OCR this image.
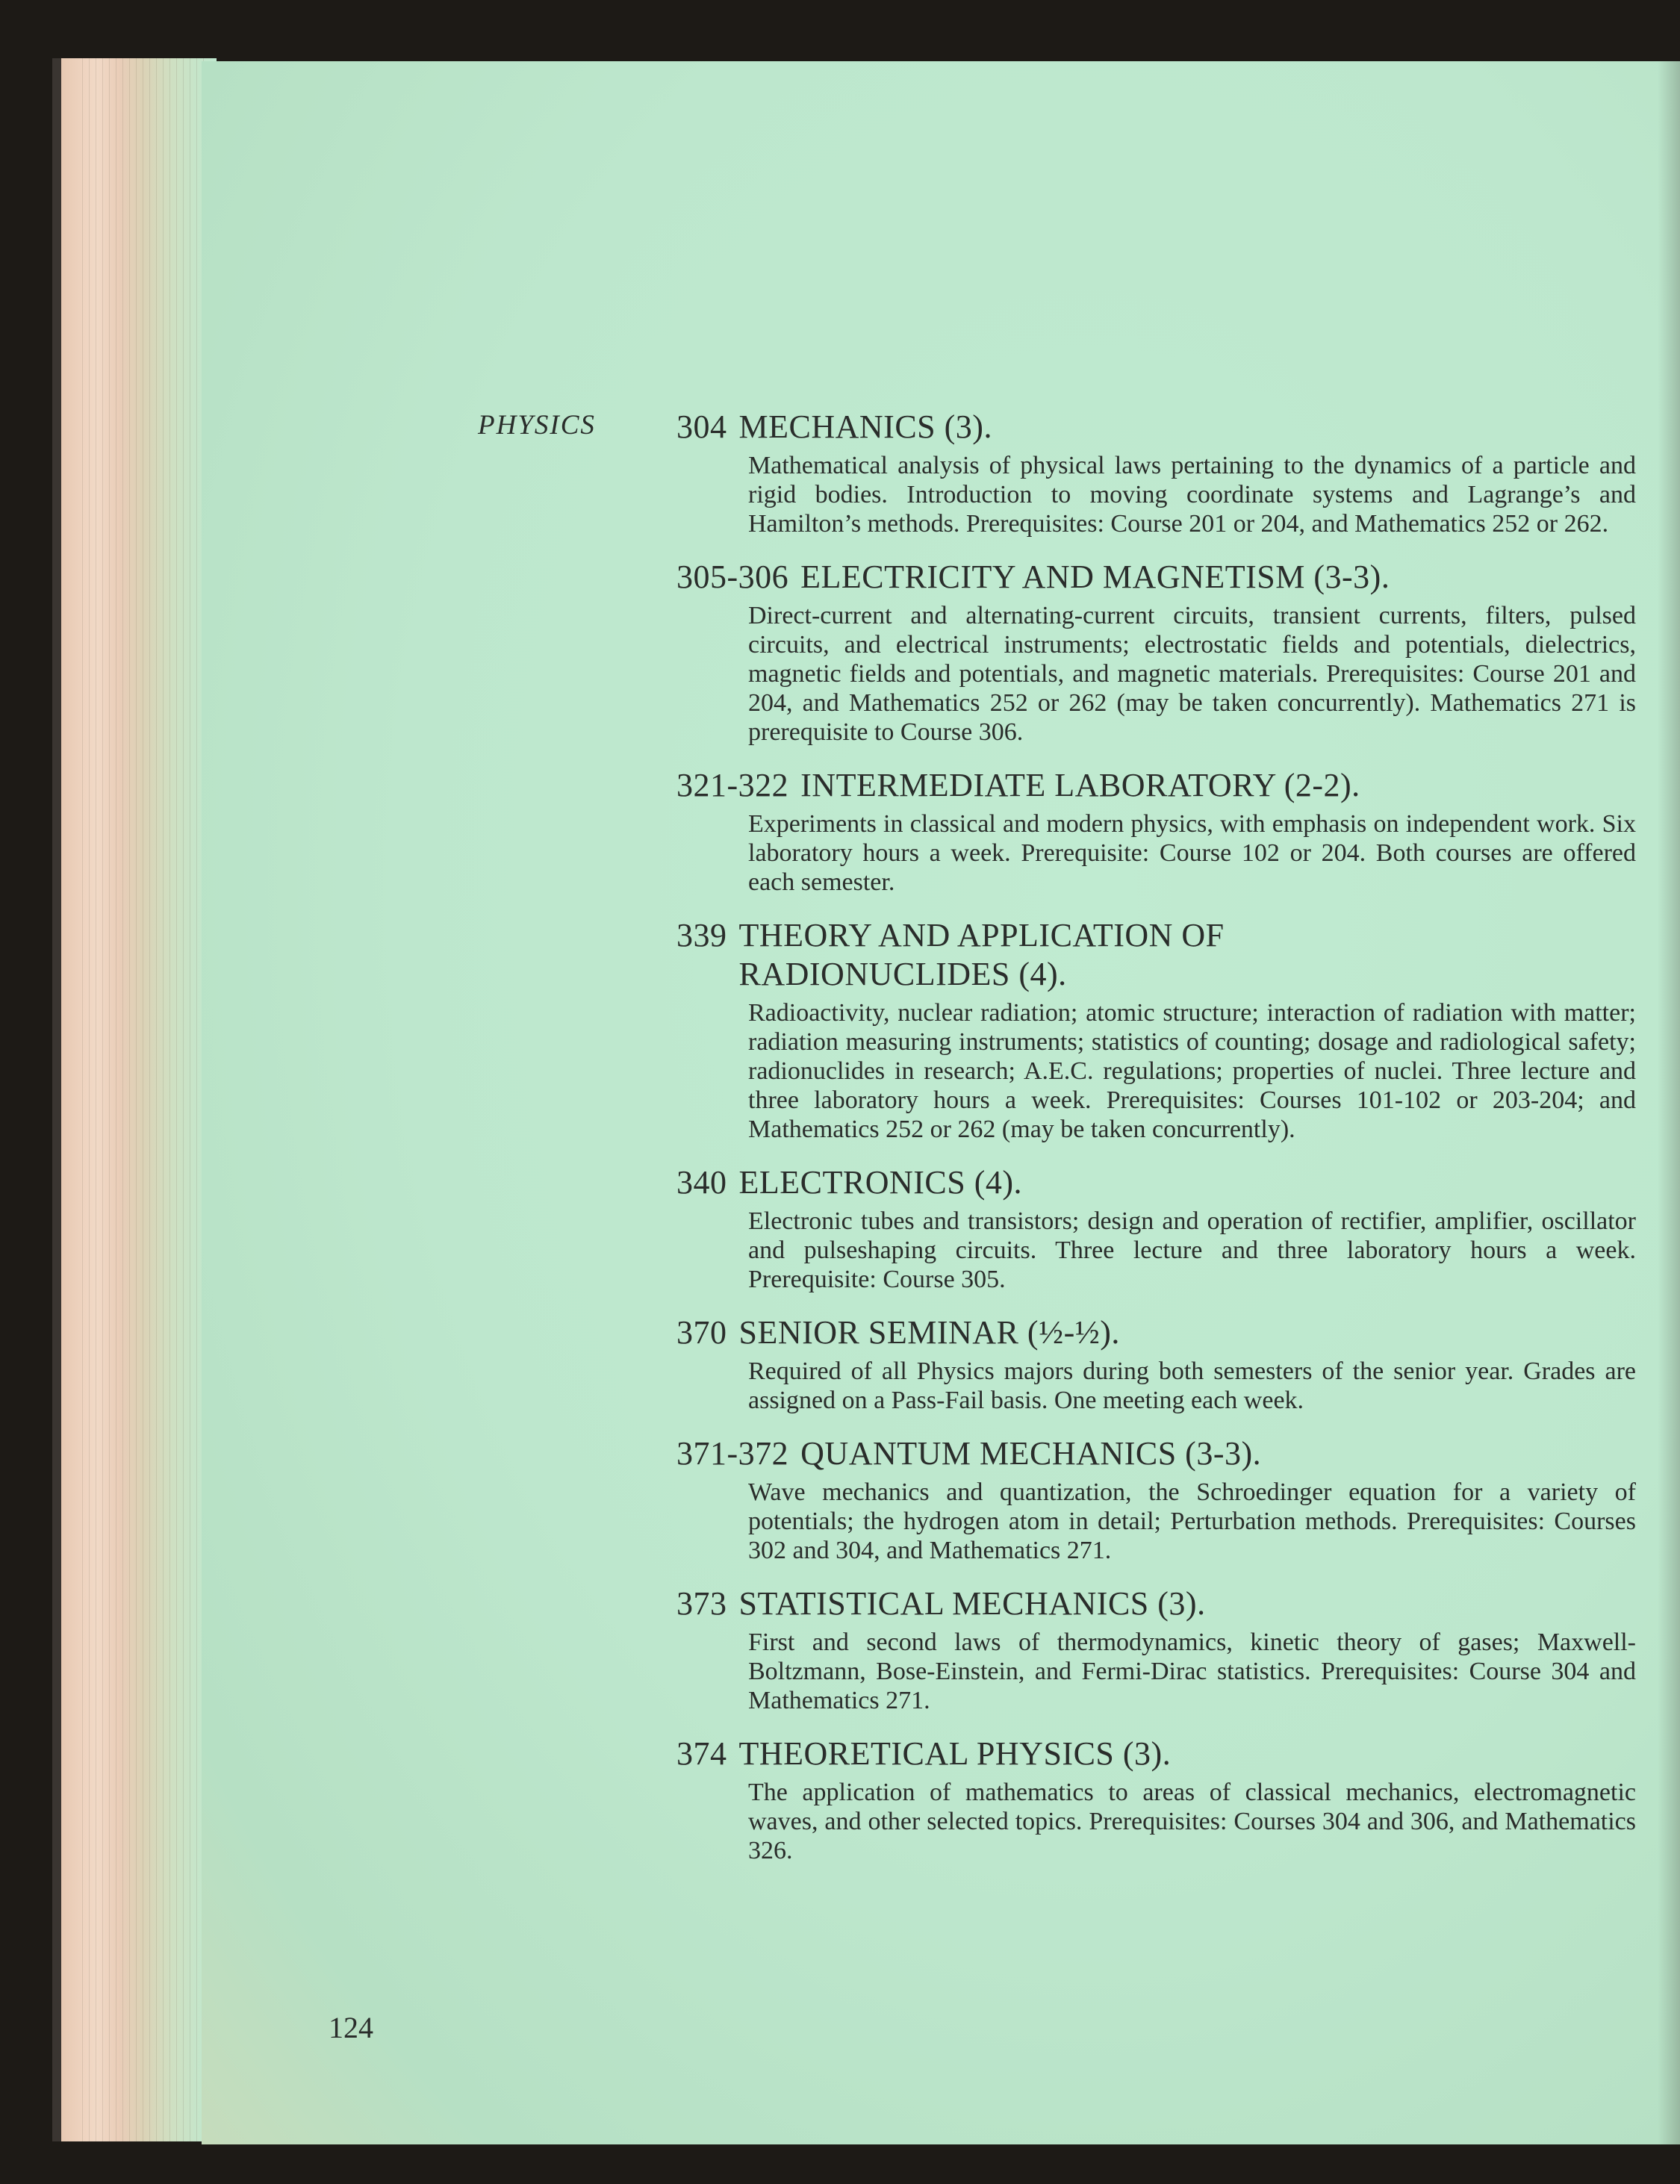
PHYSICS 304 MECHANICS (3).
Mathematical analysis of physical laws pertaining to the dynamics of a particle and rigid bodies. Introduction to moving coordinate systems and Lagrange’s and Hamilton’s methods. Prerequisites: Course 201 or 204, and Mathematics 252 or 262.
305-306 ELECTRICITY AND MAGNETISM (3-3).
Direct-current and alternating-current circuits, transient currents, filters, pulsed circuits, and electrical instruments; electrostatic fields and potentials, dielectrics, magnetic fields and potentials, and magnetic materials. Prerequisites: Course 201 and 204, and Mathematics 252 or 262 (may be taken concurrently). Mathematics 271 is prerequisite to Course 306.
321-322 INTERMEDIATE LABORATORY (2-2).
Experiments in classical and modern physics, with emphasis on independent work. Six laboratory hours a week. Prerequisite: Course 102 or 204. Both courses are offered each semester.
339 THEORY AND APPLICATION OF RADIONUCLIDES (4).
Radioactivity, nuclear radiation; atomic structure; interaction of radiation with matter; radiation measuring instruments; statistics of counting; dosage and radiological safety; radionuclides in research; A.E.C. regulations; properties of nuclei. Three lecture and three laboratory hours a week. Prerequisites: Courses 101-102 or 203-204; and Mathematics 252 or 262 (may be taken concurrently).
340 ELECTRONICS (4).
Electronic tubes and transistors; design and operation of rectifier, amplifier, oscillator and pulseshaping circuits. Three lecture and three laboratory hours a week. Prerequisite: Course 305.
370 SENIOR SEMINAR (½-½).
Required of all Physics majors during both semesters of the senior year. Grades are assigned on a Pass-Fail basis. One meeting each week.
371-372 QUANTUM MECHANICS (3-3).
Wave mechanics and quantization, the Schroedinger equation for a variety of potentials; the hydrogen atom in detail; Perturbation methods. Prerequisites: Courses 302 and 304, and Mathematics 271.
373 STATISTICAL MECHANICS (3).
First and second laws of thermodynamics, kinetic theory of gases; Maxwell-Boltzmann, Bose-Einstein, and Fermi-Dirac statistics. Prerequisites: Course 304 and Mathematics 271.
374 THEORETICAL PHYSICS (3).
The application of mathematics to areas of classical mechanics, electromagnetic waves, and other selected topics. Prerequisites: Courses 304 and 306, and Mathematics 326.
124
